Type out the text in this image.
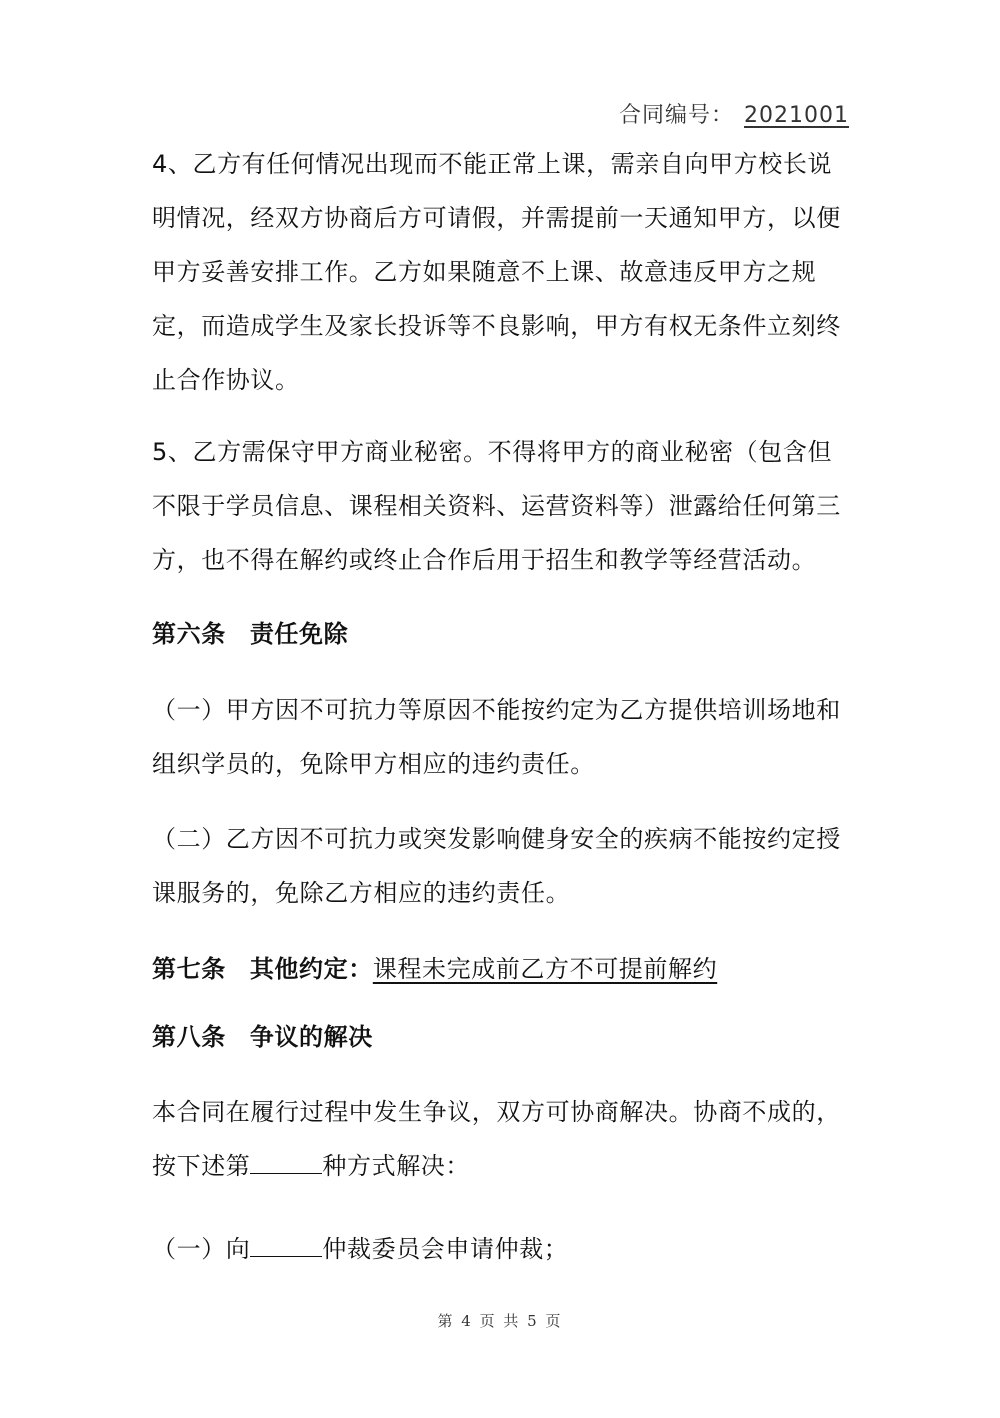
合同编号： 2021001

4、乙方有任何情况出现而不能正常上课，需亲自向甲方校长说明情况，经双方协商后方可请假，并需提前一天通知甲方，以便甲方妥善安排工作。乙方如果随意不上课、故意违反甲方之规定，而造成学生及家长投诉等不良影响，甲方有权无条件立刻终止合作协议。

5、乙方需保守甲方商业秘密。不得将甲方的商业秘密（包含但不限于学员信息、课程相关资料、运营资料等）泄露给任何第三方，也不得在解约或终止合作后用于招生和教学等经营活动。

第六条 责任免除

（一）甲方因不可抗力等原因不能按约定为乙方提供培训场地和组织学员的，免除甲方相应的违约责任。

（二）乙方因不可抗力或突发影响健身安全的疾病不能按约定授课服务的，免除乙方相应的违约责任。

第七条 其他约定：课程未完成前乙方不可提前解约
第八条 争议的解决

本合同在履行过程中发生争议，双方可协商解决。协商不成的，按下述第	种方式解决：

（一）向	仲裁委员会申请仲裁；

第 4 页 共 5 页
